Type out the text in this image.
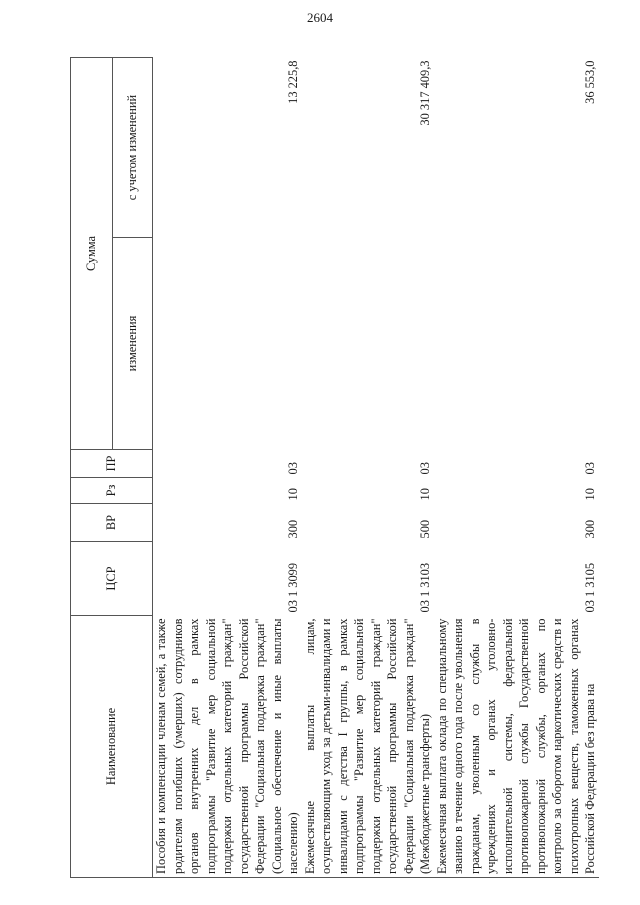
2604
Наименование	ЦСР	ВР	Рз	ПР	Сумма	
					изменения	с учетом изменений
Пособия и компенсации членам семей, а также родителям погибших (умерших) сотрудников органов внутренних дел в рамках подпрограммы "Развитие мер социальной поддержки отдельных категорий граждан" государственной программы Российской Федерации "Социальная поддержка граждан" (Социальное обеспечение и иные выплаты населению)	03 1 3099	300	10	03		13 225,8
Ежемесячные выплаты лицам, осуществляющим уход за детьми-инвалидами и инвалидами с детства I группы, в рамках подпрограммы "Развитие мер социальной поддержки отдельных категорий граждан" государственной программы Российской Федерации "Социальная поддержка граждан" (Межбюджетные трансферты)	03 1 3103	500	10	03		30 317 409,3
Ежемесячная выплата оклада по специальному званию в течение одного года после увольнения гражданам, уволенным со службы в учреждениях и органах уголовно-исполнительной системы, федеральной противопожарной службы Государственной противопожарной службы, органах по контролю за оборотом наркотических средств и психотропных веществ, таможенных органах Российской Федерации без права на	03 1 3105	300	10	03		36 553,0
